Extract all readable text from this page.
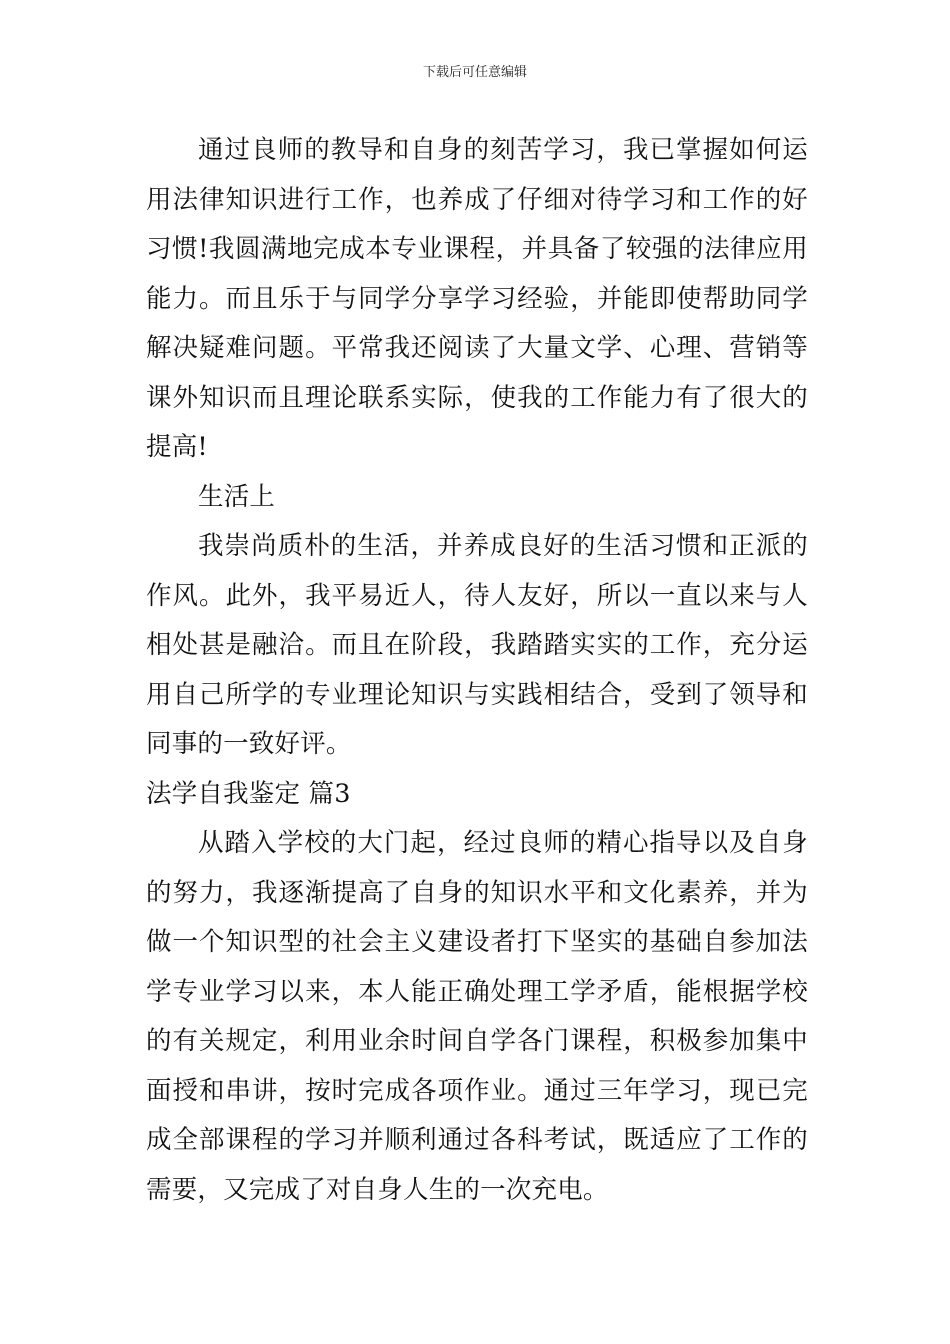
下载后可任意编辑

通过良师的教导和自身的刻苦学习，我已掌握如何运用法律知识进行工作，也养成了仔细对待学习和工作的好习惯!我圆满地完成本专业课程，并具备了较强的法律应用能力。而且乐于与同学分享学习经验，并能即使帮助同学解决疑难问题。平常我还阅读了大量文学、心理、营销等课外知识而且理论联系实际，使我的工作能力有了很大的提高!

生活上

我崇尚质朴的生活，并养成良好的生活习惯和正派的作风。此外，我平易近人，待人友好，所以一直以来与人相处甚是融洽。而且在阶段，我踏踏实实的工作，充分运用自己所学的专业理论知识与实践相结合，受到了领导和同事的一致好评。

法学自我鉴定 篇3

从踏入学校的大门起，经过良师的精心指导以及自身的努力，我逐渐提高了自身的知识水平和文化素养，并为做一个知识型的社会主义建设者打下坚实的基础自参加法学专业学习以来，本人能正确处理工学矛盾，能根据学校的有关规定，利用业余时间自学各门课程，积极参加集中面授和串讲，按时完成各项作业。通过三年学习，现已完成全部课程的学习并顺利通过各科考试，既适应了工作的需要，又完成了对自身人生的一次充电。
